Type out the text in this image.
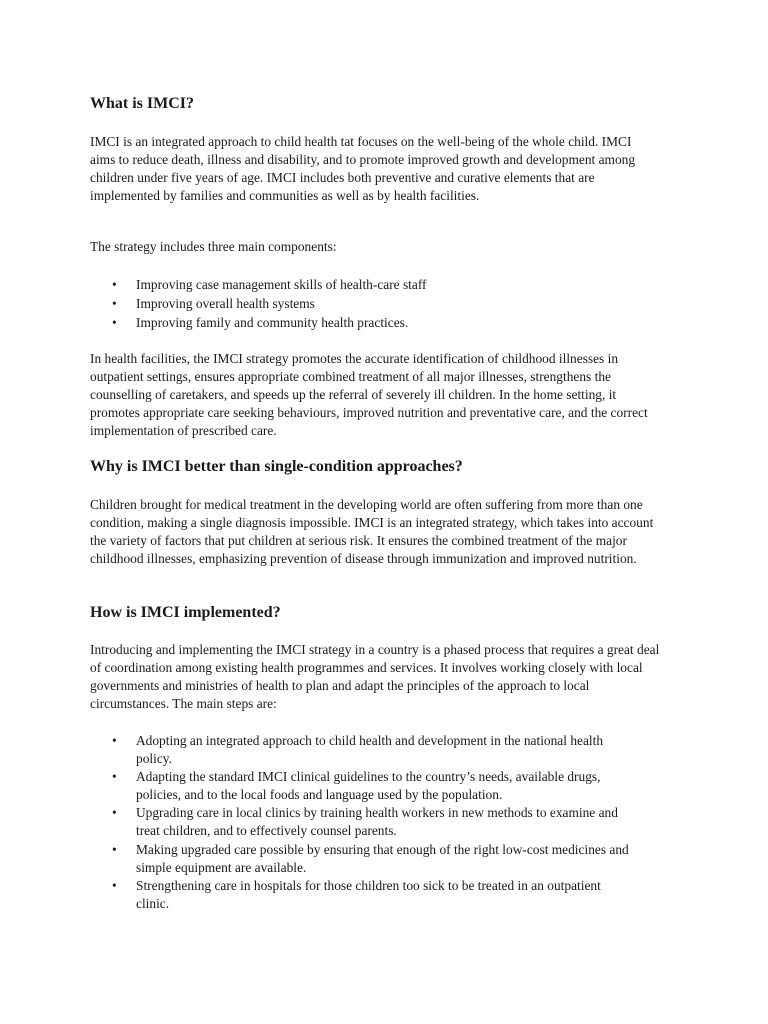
What is IMCI?

IMCI is an integrated approach to child health tat focuses on the well-being of the whole child. IMCI aims to reduce death, illness and disability, and to promote improved growth and development among children under five years of age. IMCI includes both preventive and curative elements that are implemented by families and communities as well as by health facilities.

The strategy includes three main components:

• Improving case management skills of health-care staff
• Improving overall health systems
• Improving family and community health practices.

In health facilities, the IMCI strategy promotes the accurate identification of childhood illnesses in outpatient settings, ensures appropriate combined treatment of all major illnesses, strengthens the counselling of caretakers, and speeds up the referral of severely ill children. In the home setting, it promotes appropriate care seeking behaviours, improved nutrition and preventative care, and the correct implementation of prescribed care.

Why is IMCI better than single-condition approaches?

Children brought for medical treatment in the developing world are often suffering from more than one condition, making a single diagnosis impossible. IMCI is an integrated strategy, which takes into account the variety of factors that put children at serious risk. It ensures the combined treatment of the major childhood illnesses, emphasizing prevention of disease through immunization and improved nutrition.

How is IMCI implemented?

Introducing and implementing the IMCI strategy in a country is a phased process that requires a great deal of coordination among existing health programmes and services. It involves working closely with local governments and ministries of health to plan and adapt the principles of the approach to local circumstances. The main steps are:

• Adopting an integrated approach to child health and development in the national health policy.
• Adapting the standard IMCI clinical guidelines to the country’s needs, available drugs, policies, and to the local foods and language used by the population.
• Upgrading care in local clinics by training health workers in new methods to examine and treat children, and to effectively counsel parents.
• Making upgraded care possible by ensuring that enough of the right low-cost medicines and simple equipment are available.
• Strengthening care in hospitals for those children too sick to be treated in an outpatient clinic.
